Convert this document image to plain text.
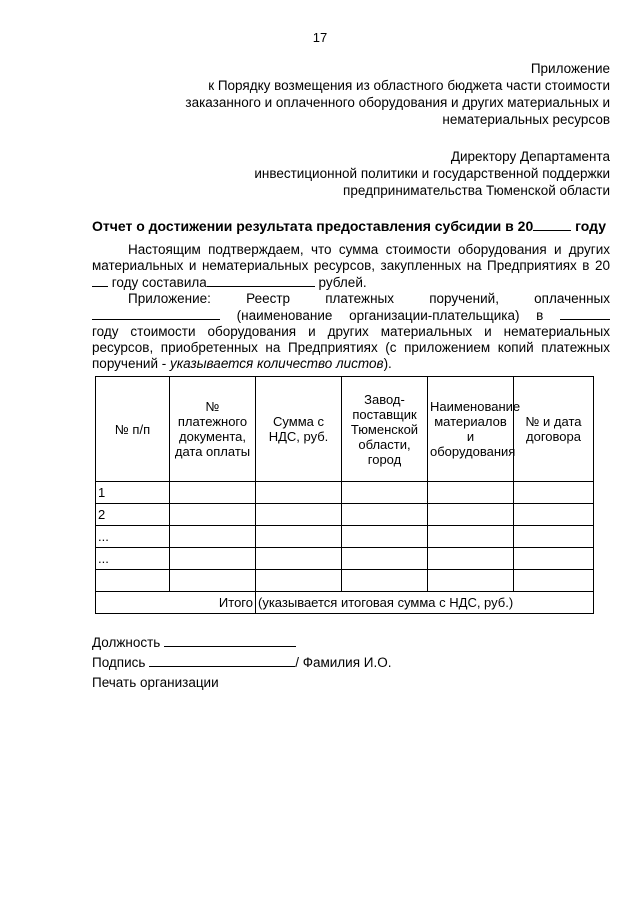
17
Приложение
к Порядку возмещения из областного бюджета части стоимости
заказанного и оплаченного оборудования и других материальных и
нематериальных ресурсов
Директору Департамента
инвестиционной политики и государственной поддержки
предпринимательства Тюменской области
Отчет о достижении результата предоставления субсидии в 20	году

Настоящим подтверждаем, что сумма стоимости оборудования и других материальных и нематериальных ресурсов, закупленных на Предприятиях в 20 году составила	рублей.

Приложение: Реестр платежных поручений, оплаченных

(наименование организации-плательщика) в

году стоимости оборудования и других материальных и нематериальных ресурсов, приобретенных на Предприятиях (с приложением копий платежных поручений - указывается количество листов).

№ п/п	№ платежного документа, дата оплаты	Сумма с НДС, руб.	Завод-поставщик Тюменской области, город	Наименование материалов и оборудования	№ и дата договора
1					
2					
...					
...					

Итого		(указывается итоговая сумма с НДС, руб.)			
Должность
Подпись	/ Фамилия И.О.
Печать организации
